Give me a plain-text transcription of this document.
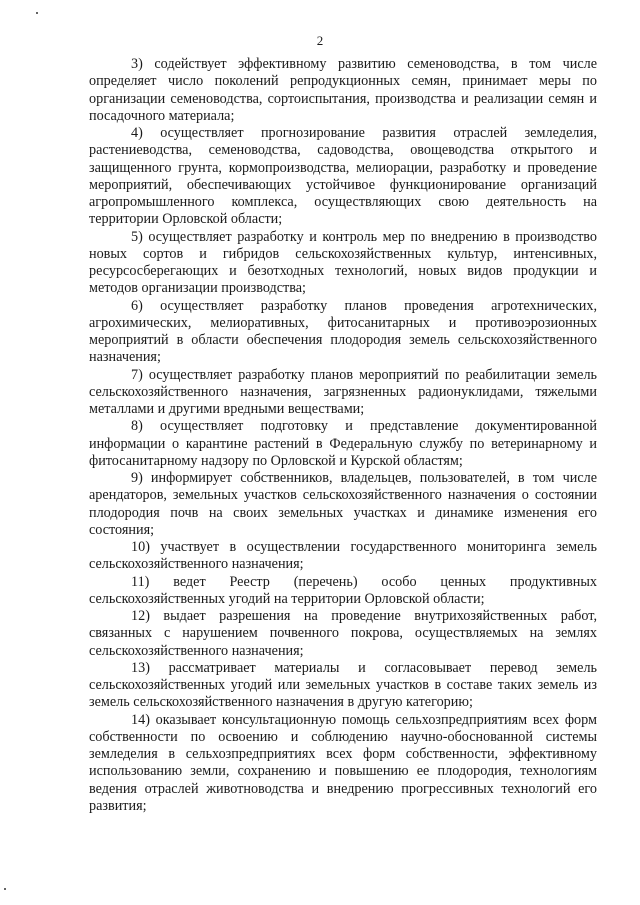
2

3) содействует эффективному развитию семеноводства, в том числе определяет число поколений репродукционных семян, принимает меры по организации семеноводства, сортоиспытания, производства и реализации семян и посадочного материала;

4) осуществляет прогнозирование развития отраслей земледелия, растениеводства, семеноводства, садоводства, овощеводства открытого и защищенного грунта, кормопроизводства, мелиорации, разработку и проведение мероприятий, обеспечивающих устойчивое функционирование организаций агропромышленного комплекса, осуществляющих свою деятельность на территории Орловской области;

5) осуществляет разработку и контроль мер по внедрению в производство новых сортов и гибридов сельскохозяйственных культур, интенсивных, ресурсосберегающих и безотходных технологий, новых видов продукции и методов организации производства;

6) осуществляет разработку планов проведения агротехнических, агрохимических, мелиоративных, фитосанитарных и противоэрозионных мероприятий в области обеспечения плодородия земель сельскохозяйственного назначения;

7) осуществляет разработку планов мероприятий по реабилитации земель сельскохозяйственного назначения, загрязненных радионуклидами, тяжелыми металлами и другими вредными веществами;

8) осуществляет подготовку и представление документированной информации о карантине растений в Федеральную службу по ветеринарному и фитосанитарному надзору по Орловской и Курской областям;

9) информирует собственников, владельцев, пользователей, в том числе арендаторов, земельных участков сельскохозяйственного назначения о состоянии плодородия почв на своих земельных участках и динамике изменения его состояния;

10) участвует в осуществлении государственного мониторинга земель сельскохозяйственного назначения;

11) ведет Реестр (перечень) особо ценных продуктивных сельскохозяйственных угодий на территории Орловской области;

12) выдает разрешения на проведение внутрихозяйственных работ, связанных с нарушением почвенного покрова, осуществляемых на землях сельскохозяйственного назначения;

13) рассматривает материалы и согласовывает перевод земель сельскохозяйственных угодий или земельных участков в составе таких земель из земель сельскохозяйственного назначения в другую категорию;

14) оказывает консультационную помощь сельхозпредприятиям всех форм собственности по освоению и соблюдению научно-обоснованной системы земледелия в сельхозпредприятиях всех форм собственности, эффективному использованию земли, сохранению и повышению ее плодородия, технологиям ведения отраслей животноводства и внедрению прогрессивных технологий его развития;
